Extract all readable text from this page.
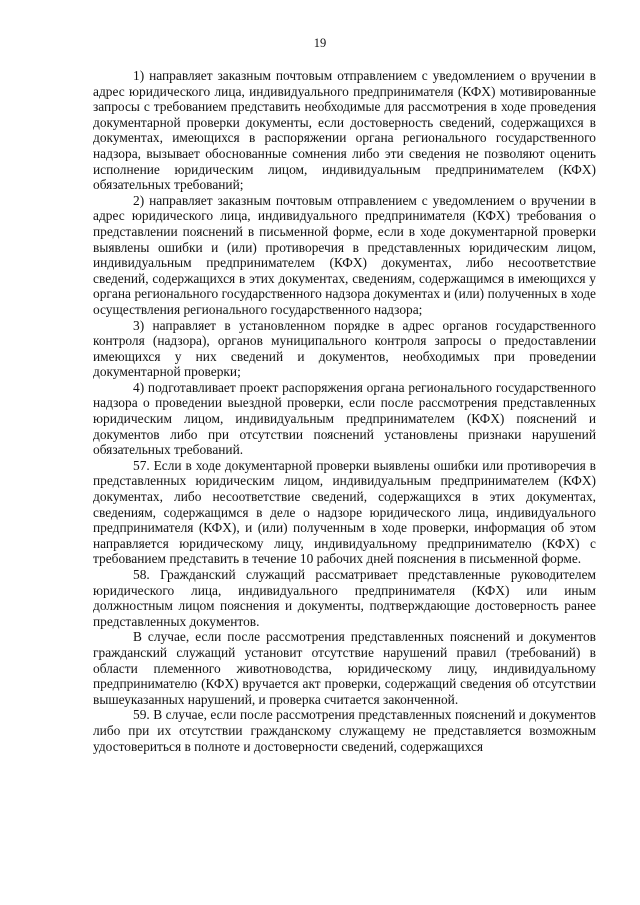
19

1) направляет заказным почтовым отправлением с уведомлением о вручении в адрес юридического лица, индивидуального предпринимателя (КФХ) мотивированные запросы с требованием представить необходимые для рассмотрения в ходе проведения документарной проверки документы, если достоверность сведений, содержащихся в документах, имеющихся в распоряжении органа регионального государственного надзора, вызывает обоснованные сомнения либо эти сведения не позволяют оценить исполнение юридическим лицом, индивидуальным предпринимателем (КФХ) обязательных требований;

2) направляет заказным почтовым отправлением с уведомлением о вручении в адрес юридического лица, индивидуального предпринимателя (КФХ) требования о представлении пояснений в письменной форме, если в ходе документарной проверки выявлены ошибки и (или) противоречия в представленных юридическим лицом, индивидуальным предпринимателем (КФХ) документах, либо несоответствие сведений, содержащихся в этих документах, сведениям, содержащимся в имеющихся у органа регионального государственного надзора документах и (или) полученных в ходе осуществления регионального государственного надзора;

3) направляет в установленном порядке в адрес органов государственного контроля (надзора), органов муниципального контроля запросы о предоставлении имеющихся у них сведений и документов, необходимых при проведении документарной проверки;

4) подготавливает проект распоряжения органа регионального государственного надзора о проведении выездной проверки, если после рассмотрения представленных юридическим лицом, индивидуальным предпринимателем (КФХ) пояснений и документов либо при отсутствии пояснений установлены признаки нарушений обязательных требований.

57. Если в ходе документарной проверки выявлены ошибки или противоречия в представленных юридическим лицом, индивидуальным предпринимателем (КФХ) документах, либо несоответствие сведений, содержащихся в этих документах, сведениям, содержащимся в деле о надзоре юридического лица, индивидуального предпринимателя (КФХ), и (или) полученным в ходе проверки, информация об этом направляется юридическому лицу, индивидуальному предпринимателю (КФХ) с требованием представить в течение 10 рабочих дней пояснения в письменной форме.

58. Гражданский служащий рассматривает представленные руководителем юридического лица, индивидуального предпринимателя (КФХ) или иным должностным лицом пояснения и документы, подтверждающие достоверность ранее представленных документов.

В случае, если после рассмотрения представленных пояснений и документов гражданский служащий установит отсутствие нарушений правил (требований) в области племенного животноводства, юридическому лицу, индивидуальному предпринимателю (КФХ) вручается акт проверки, содержащий сведения об отсутствии вышеуказанных нарушений, и проверка считается законченной.

59. В случае, если после рассмотрения представленных пояснений и документов либо при их отсутствии гражданскому служащему не представляется возможным удостовериться в полноте и достоверности сведений, содержащихся
